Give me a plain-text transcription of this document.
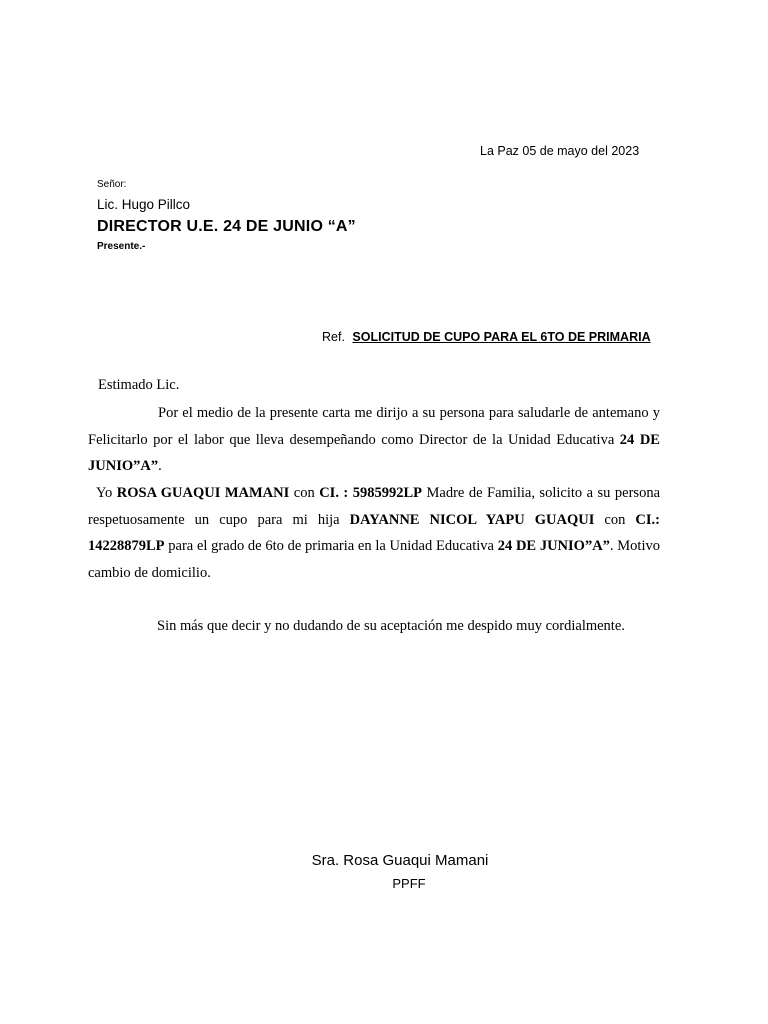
La Paz 05 de mayo del 2023
Señor:
Lic. Hugo Pillco
DIRECTOR U.E. 24 DE JUNIO “A”
Presente.-
Ref. SOLICITUD DE CUPO PARA EL 6TO DE PRIMARIA
Estimado Lic.
Por el medio de la presente carta me dirijo a su persona para saludarle de antemano y Felicitarlo por el labor que lleva desempeñando como Director de la Unidad Educativa 24 DE JUNIO”A”.
Yo ROSA GUAQUI MAMANI con CI. : 5985992LP Madre de Familia, solicito a su persona respetuosamente un cupo para mi hija DAYANNE NICOL YAPU GUAQUI con CI.: 14228879LP para el grado de 6to de primaria en la Unidad Educativa 24 DE JUNIO”A”. Motivo cambio de domicilio.
Sin más que decir y no dudando de su aceptación me despido muy cordialmente.
Sra. Rosa Guaqui Mamani
PPFF
